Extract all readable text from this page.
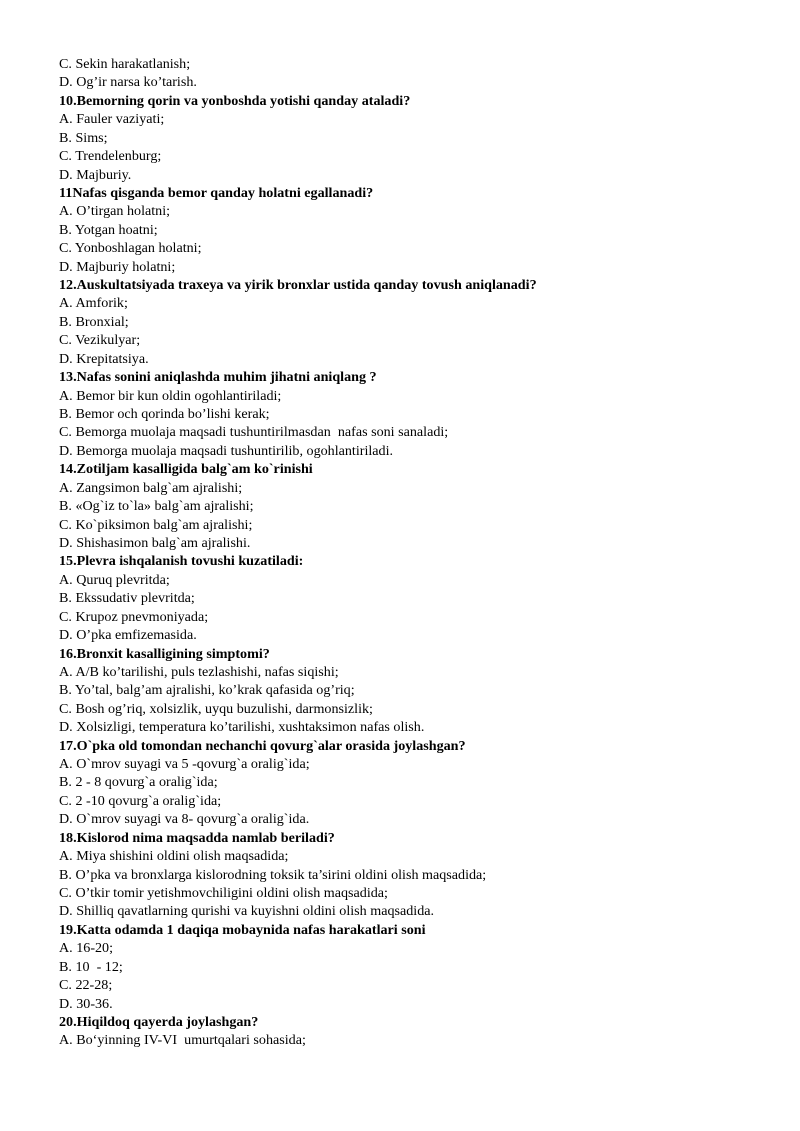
C. Sekin harakatlanish;
D. Og’ir narsa ko’tarish.
10.Bemorning qorin va yonboshda yotishi qanday ataladi?
A. Fauler vaziyati;
B. Sims;
C. Trendelenburg;
D. Majburiy.
11Nafas qisganda bemor qanday holatni egallanadi?
A. O’tirgan holatni;
B. Yotgan hoatni;
C. Yonboshlagan holatni;
D. Majburiy holatni;
12.Auskultatsiyada traxeya va yirik bronxlar ustida qanday tovush aniqlanadi?
A. Amforik;
B. Bronxial;
C. Vezikulyar;
D. Krepitatsiya.
13.Nafas sonini aniqlashda muhim jihatni aniqlang ?
A. Bemor bir kun oldin ogohlantiriladi;
B. Bemor och qorinda bo’lishi kerak;
C. Bemorga muolaja maqsadi tushuntirilmasdan  nafas soni sanaladi;
D. Bemorga muolaja maqsadi tushuntirilib, ogohlantiriladi.
14.Zotiljam kasalligida balg`am ko`rinishi
A. Zangsimon balg`am ajralishi;
B. «Og`iz to`la» balg`am ajralishi;
C. Ko`piksimon balg`am ajralishi;
D. Shishasimon balg`am ajralishi.
15.Plevra ishqalanish tovushi kuzatiladi:
A. Quruq plevritda;
B. Ekssudativ plevritda;
C. Krupoz pnevmoniyada;
D. O’pka emfizemasida.
16.Bronxit kasalligining simptomi?
A. A/B ko’tarilishi, puls tezlashishi, nafas siqishi;
B. Yo’tal, balg’am ajralishi, ko’krak qafasida og’riq;
C. Bosh og’riq, xolsizlik, uyqu buzulishi, darmonsizlik;
D. Xolsizligi, temperatura ko’tarilishi, xushtaksimon nafas olish.
17.O`pka old tomondan nechanchi qovurg`alar orasida joylashgan?
A. O`mrov suyagi va 5 -qovurg`a oralig`ida;
B. 2 - 8 qovurg`a oralig`ida;
C. 2 -10 qovurg`a oralig`ida;
D. O`mrov suyagi va 8- qovurg`a oralig`ida.
18.Kislorod nima maqsadda namlab beriladi?
A. Miya shishini oldini olish maqsadida;
B. O’pka va bronxlarga kislorodning toksik ta’sirini oldini olish maqsadida;
C. O’tkir tomir yetishmovchiligini oldini olish maqsadida;
D. Shilliq qavatlarning qurishi va kuyishni oldini olish maqsadida.
19.Katta odamda 1 daqiqa mobaynida nafas harakatlari soni
A. 16-20;
B. 10  - 12;
C. 22-28;
D. 30-36.
20.Hiqildoq qayerda joylashgan?
A. Bo‘yinning IV-VI  umurtqalari sohasida;
